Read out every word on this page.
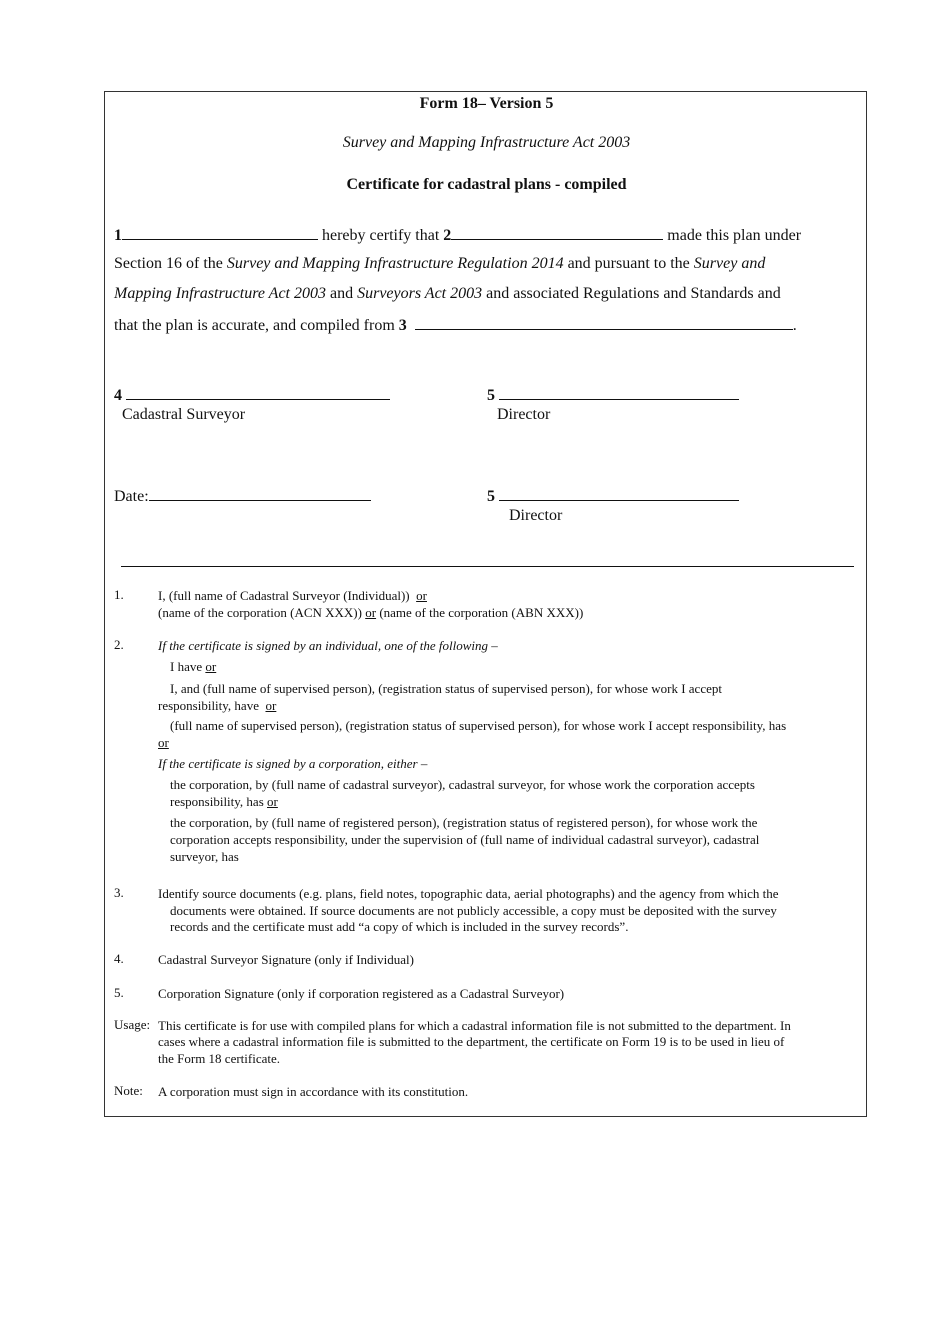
Form 18– Version 5
Survey and Mapping Infrastructure Act 2003
Certificate for cadastral plans - compiled
1	hereby certify that 2	made this plan under
Section 16 of the Survey and Mapping Infrastructure Regulation 2014 and pursuant to the Survey and
Mapping Infrastructure Act 2003 and Surveyors Act 2003 and associated Regulations and Standards and
that the plan is accurate, and compiled from 3	.
4
Cadastral Surveyor
5
Director
Date:	5
Director
1.	I, (full name of Cadastral Surveyor (Individual)) or
(name of the corporation (ACN XXX)) or (name of the corporation (ABN XXX))
2.	If the certificate is signed by an individual, one of the following –
I have or
I, and (full name of supervised person), (registration status of supervised person), for whose work I accept
responsibility, have or
(full name of supervised person), (registration status of supervised person), for whose work I accept responsibility, has
or
If the certificate is signed by a corporation, either –
the corporation, by (full name of cadastral surveyor), cadastral surveyor, for whose work the corporation accepts
responsibility, has or
the corporation, by (full name of registered person), (registration status of registered person), for whose work the
corporation accepts responsibility, under the supervision of (full name of individual cadastral surveyor), cadastral
surveyor, has
3.	Identify source documents (e.g. plans, field notes, topographic data, aerial photographs) and the agency from which the
documents were obtained. If source documents are not publicly accessible, a copy must be deposited with the survey
records and the certificate must add “a copy of which is included in the survey records”.
4.	Cadastral Surveyor Signature (only if Individual)
5.	Corporation Signature (only if corporation registered as a Cadastral Surveyor)
Usage: This certificate is for use with compiled plans for which a cadastral information file is not submitted to the department. In
cases where a cadastral information file is submitted to the department, the certificate on Form 19 is to be used in lieu of
the Form 18 certificate.
Note: A corporation must sign in accordance with its constitution.
